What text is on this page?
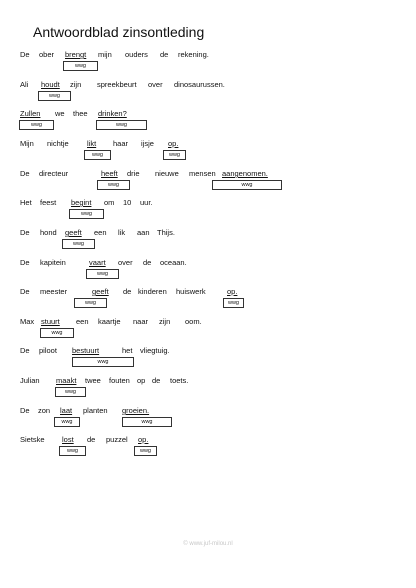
Antwoordblad zinsontleding
De ober brengt mijn ouders de rekening.
wwg
Ali houdt zijn spreekbeurt over dinosaurussen.
wwg
Zullen we thee drinken?
wwg	wwg
Mijn nichtje likt haar ijsje op.
wwg	wwg
De directeur	heeft drie nieuwe mensen aangenomen.
wwg	wwg
Het feest begint om 10 uur.
wwg
De hond geeft een lik aan Thijs.
wwg
De kapitein	vaart over de oceaan.
wwg
De meester	geeft de kinderen huiswerk	op.
wwg	wwg
Max stuurt een kaartje naar zijn oom.
wwg
De piloot bestuurt	het vliegtuig.
wwg
Julian maakt twee fouten op de toets.
wwg
De zon laat planten groeien.
wwg	wwg
Sietske lost de puzzel op.
wwg	wwg
© www.juf-milou.nl
